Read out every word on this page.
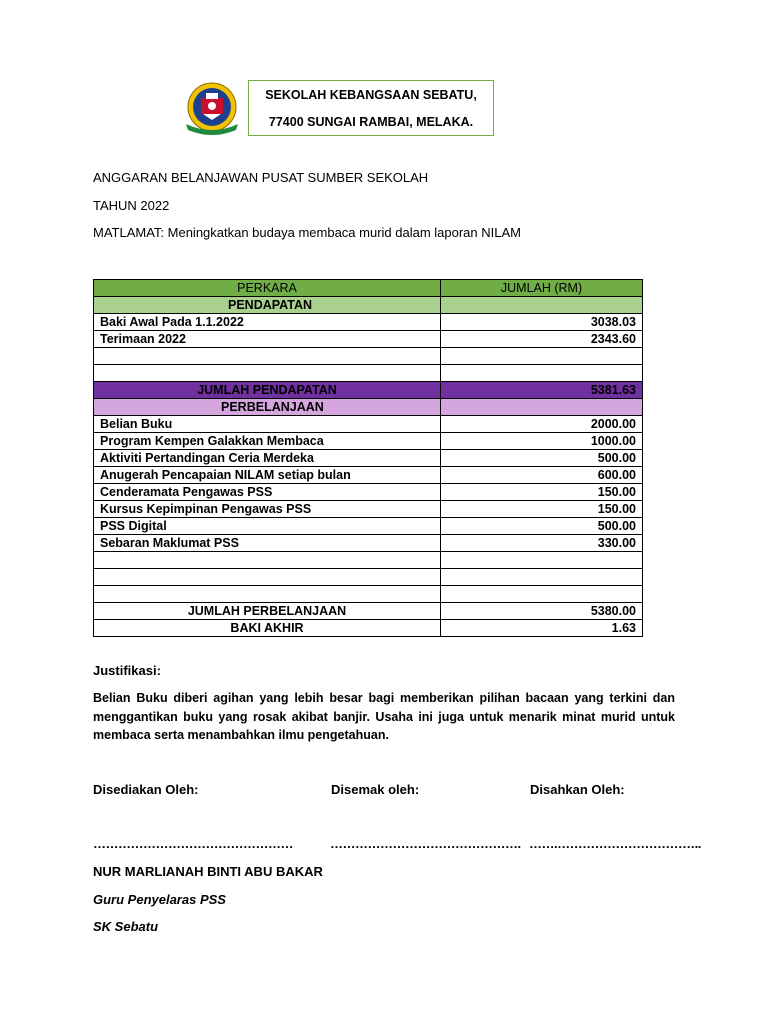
SEKOLAH KEBANGSAAN SEBATU,
77400 SUNGAI RAMBAI, MELAKA.
ANGGARAN BELANJAWAN PUSAT SUMBER SEKOLAH
TAHUN 2022
MATLAMAT: Meningkatkan budaya membaca murid dalam laporan NILAM
PERKARA	JUMLAH (RM)
PENDAPATAN	
Baki Awal Pada 1.1.2022	3038.03
Terimaan 2022	2343.60

JUMLAH PENDAPATAN	5381.63
PERBELANJAAN	
Belian Buku	2000.00
Program Kempen Galakkan Membaca	1000.00
Aktiviti Pertandingan Ceria Merdeka	500.00
Anugerah Pencapaian NILAM setiap bulan	600.00
Cenderamata Pengawas PSS	150.00
Kursus Kepimpinan Pengawas PSS	150.00
PSS Digital	500.00
Sebaran Maklumat PSS	330.00

JUMLAH PERBELANJAAN	5380.00
BAKI AKHIR	1.63
Justifikasi:
Belian Buku diberi agihan yang lebih besar bagi memberikan pilihan bacaan yang terkini dan menggantikan buku yang rosak akibat banjir. Usaha ini juga untuk menarik minat murid untuk membaca serta menambahkan ilmu pengetahuan.
Disediakan Oleh:	Disemak oleh:	Disahkan Oleh:
…………………………………………	………………………………………. …….……………………………..
NUR MARLIANAH BINTI ABU BAKAR
Guru Penyelaras PSS
SK Sebatu
